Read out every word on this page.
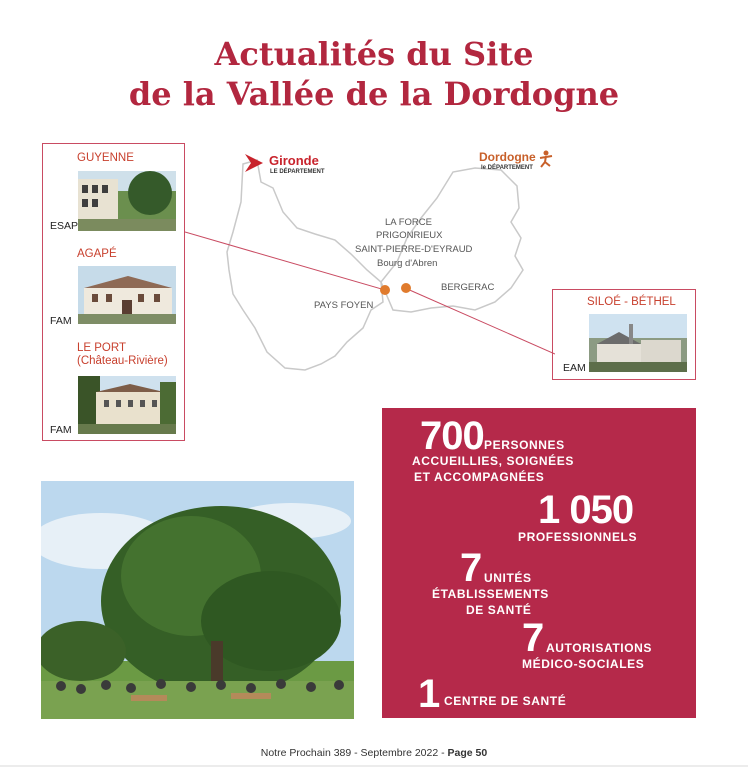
Actualités du Site
de la Vallée de la Dordogne
GUYENNE
ESAP
AGAPÉ
FAM
LE PORT
(Château-Rivière)
FAM
Gironde
LE DÉPARTEMENT
Dordogne
le DÉPARTEMENT
LA FORCE
PRIGONRIEUX
SAINT-PIERRE-D'EYRAUD
Bourg d'Abren
PAYS FOYEN
BERGERAC
SILOÉ - BÉTHEL
EAM
700 PERSONNES
ACCUEILLIES, SOIGNÉES
ET ACCOMPAGNÉES
1 050
PROFESSIONNELS
7 UNITÉS
ÉTABLISSEMENTS
DE SANTÉ
7 AUTORISATIONS
MÉDICO-SOCIALES
1 CENTRE DE SANTÉ
Notre Prochain 389 - Septembre 2022 - Page 50
